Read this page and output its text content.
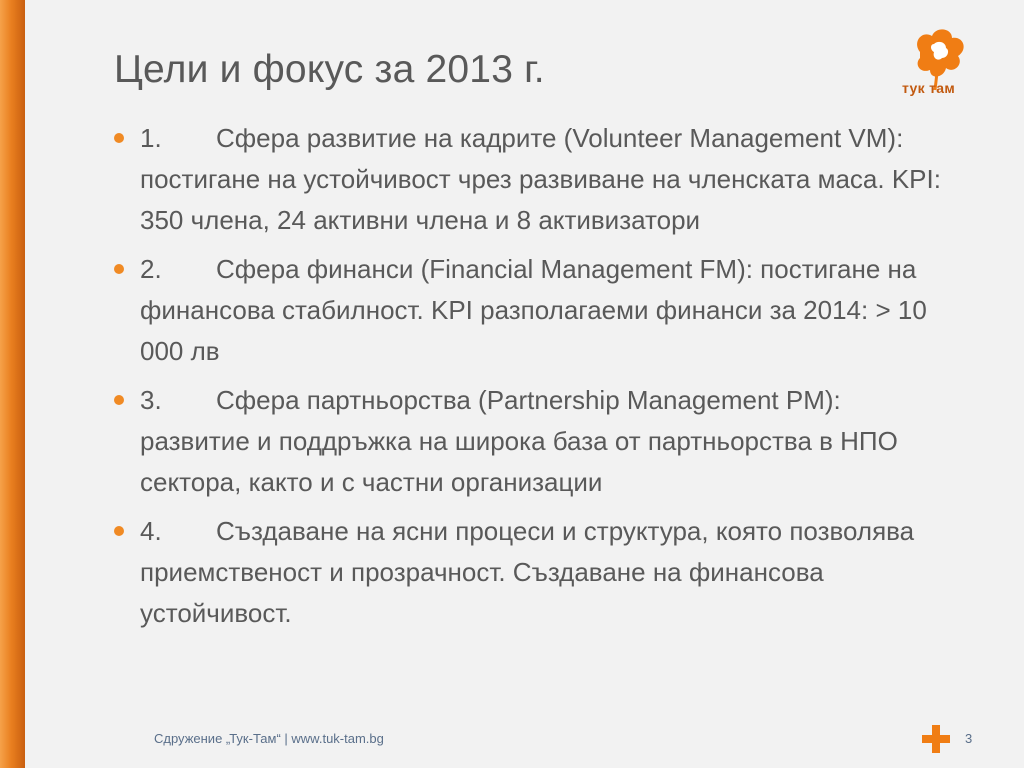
Цели и фокус за 2013 г.	тук там
1. Сфера развитие на кадрите (Volunteer Management VM): постигане на устойчивост чрез развиване на членската маса. KPI: 350 члена, 24 активни члена и 8 активизатори
2. Сфера финанси (Financial Management FM): постигане на финансова стабилност. KPI разполагаеми финанси за 2014: > 10 000 лв
3. Сфера партньорства (Partnership Management PM): развитие и поддръжка на широка база от партньорства в НПО сектора, както и с частни организации
4. Създаване на ясни процеси и структура, която позволява приемственост и прозрачност. Създаване на финансова устойчивост.
Сдружение „Тук-Там“ | www.tuk-tam.bg	3
